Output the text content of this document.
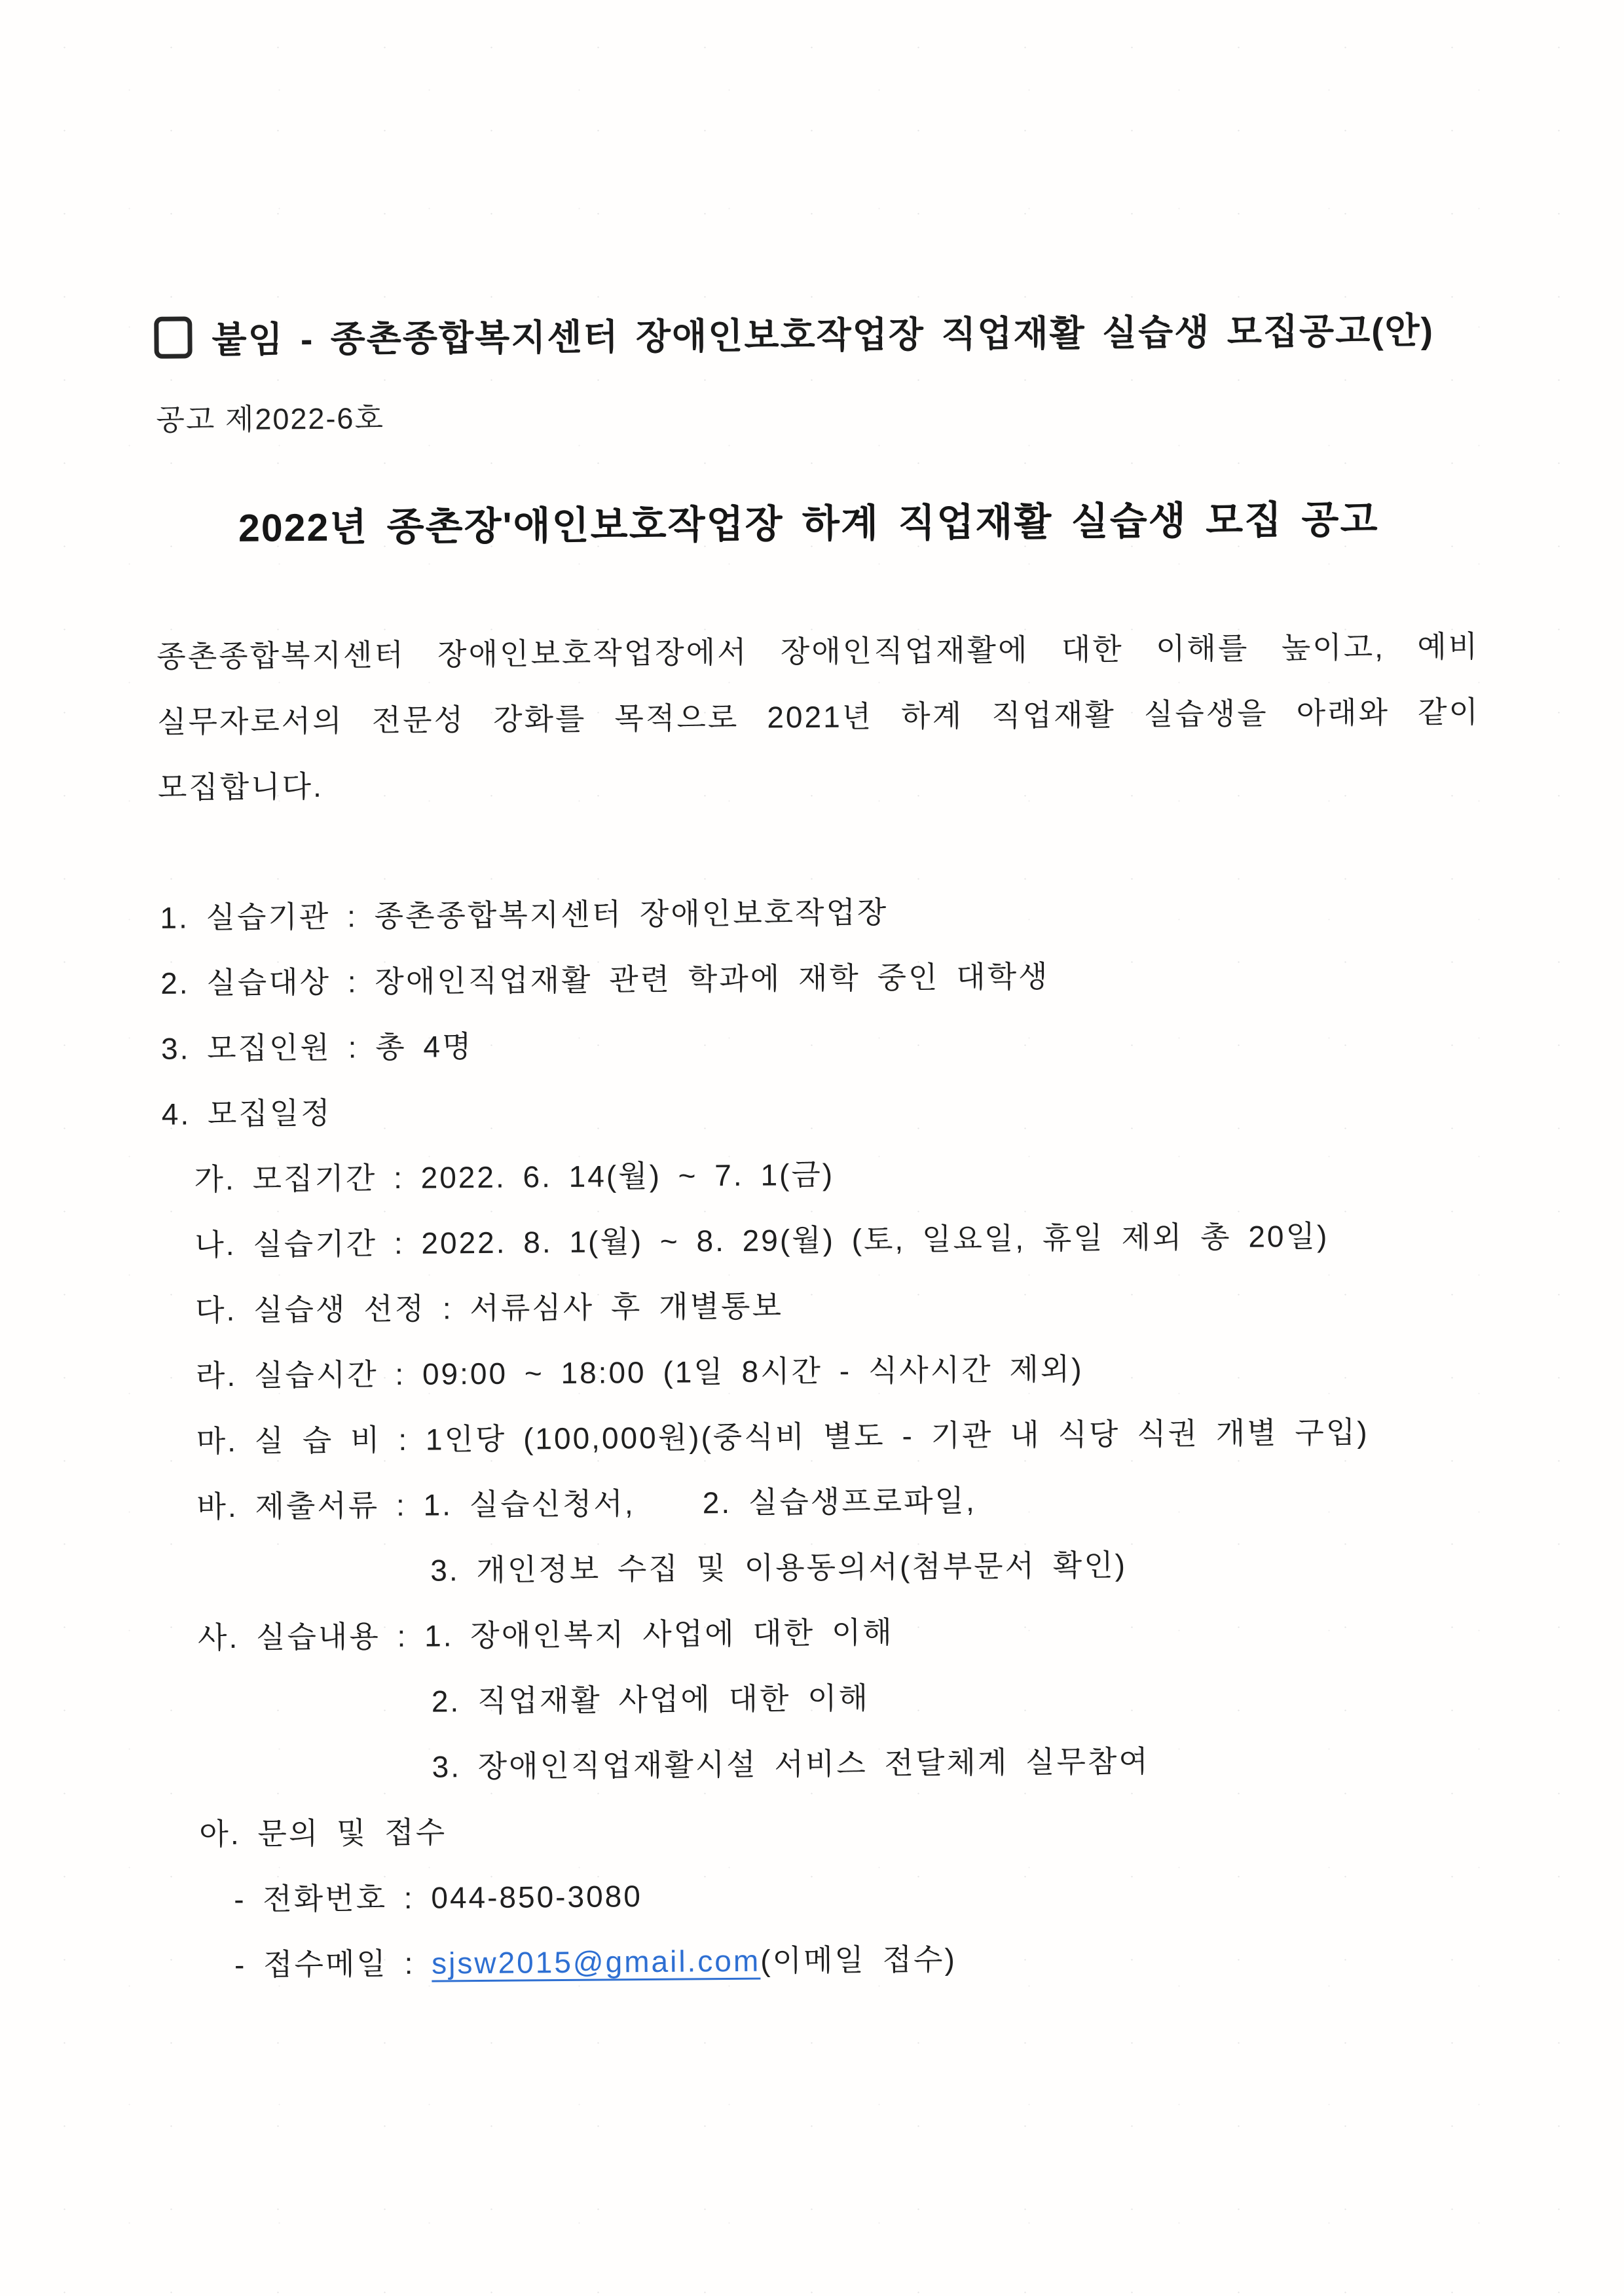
붙임 - 종촌종합복지센터 장애인보호작업장 직업재활 실습생 모집공고(안)
공고 제2022-6호
2022년 종촌장'애인보호작업장 하계 직업재활 실습생 모집 공고
종촌종합복지센터 장애인보호작업장에서 장애인직업재활에 대한 이해를 높이고, 예비
실무자로서의 전문성 강화를 목적으로 2021년 하계 직업재활 실습생을 아래와 같이
모집합니다.
1. 실습기관 : 종촌종합복지센터 장애인보호작업장
2. 실습대상 : 장애인직업재활 관련 학과에 재학 중인 대학생
3. 모집인원 : 총 4명
4. 모집일정
가. 모집기간 : 2022. 6. 14(월) ~ 7. 1(금)
나. 실습기간 : 2022. 8. 1(월) ~ 8. 29(월) (토, 일요일, 휴일 제외 총 20일)
다. 실습생 선정 : 서류심사 후 개별통보
라. 실습시간 : 09:00 ~ 18:00 (1일 8시간 - 식사시간 제외)
마. 실 습 비 : 1인당 (100,000원)(중식비 별도 - 기관 내 식당 식권 개별 구입)
바. 제출서류 : 1. 실습신청서,    2. 실습생프로파일,
3. 개인정보 수집 및 이용동의서(첨부문서 확인)
사. 실습내용 : 1. 장애인복지 사업에 대한 이해
2. 직업재활 사업에 대한 이해
3. 장애인직업재활시설 서비스 전달체계 실무참여
아. 문의 및 접수
- 전화번호 : 044-850-3080
- 접수메일 : sjsw2015@gmail.com(이메일 접수)
